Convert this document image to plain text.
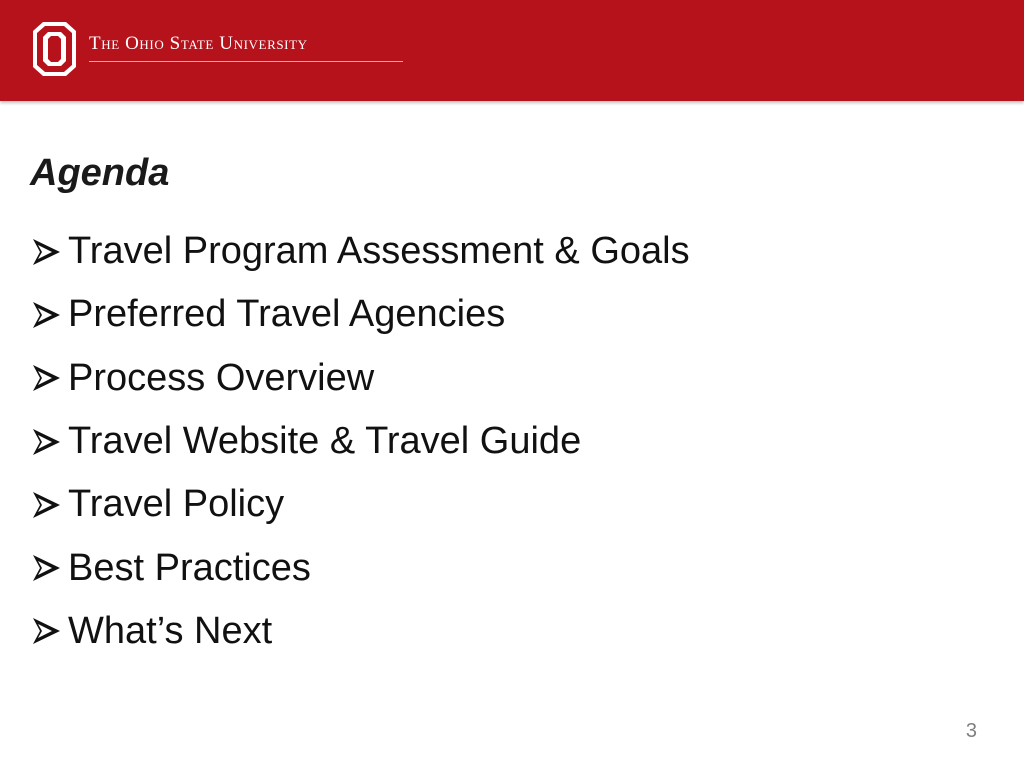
The Ohio State University
Agenda
Travel Program Assessment & Goals
Preferred Travel Agencies
Process Overview
Travel Website & Travel Guide
Travel Policy
Best Practices
What’s Next
3
